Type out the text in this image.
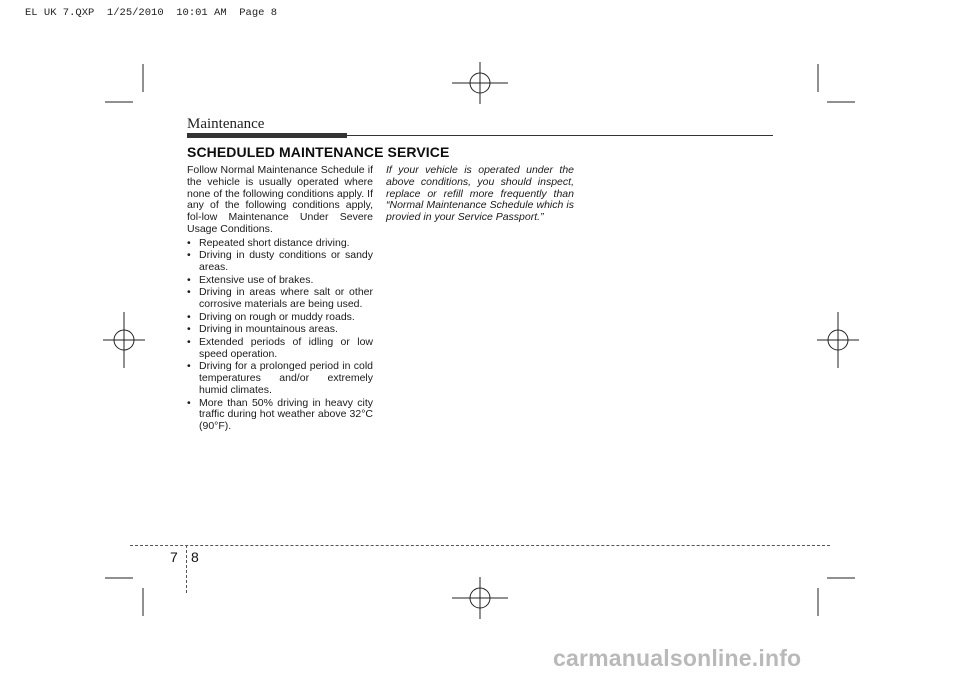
EL UK 7.QXP  1/25/2010  10:01 AM  Page 8
Maintenance
SCHEDULED MAINTENANCE SERVICE

Follow Normal Maintenance Schedule if the vehicle is usually operated where none of the following conditions apply. If any of the following conditions apply, fol-low Maintenance Under Severe Usage Conditions.

• Repeated short distance driving.
• Driving in dusty conditions or sandy areas.
• Extensive use of brakes.
• Driving in areas where salt or other corrosive materials are being used.
• Driving on rough or muddy roads.
• Driving in mountainous areas.
• Extended periods of idling or low speed operation.
• Driving for a prolonged period in cold temperatures and/or extremely humid climates.
• More than 50% driving in heavy city traffic during hot weather above 32°C (90°F).
If your vehicle is operated under the above conditions, you should inspect, replace or refill more frequently than “Normal Maintenance Schedule which is provied in your Service Passport.”
7 8
carmanualsonline.info
